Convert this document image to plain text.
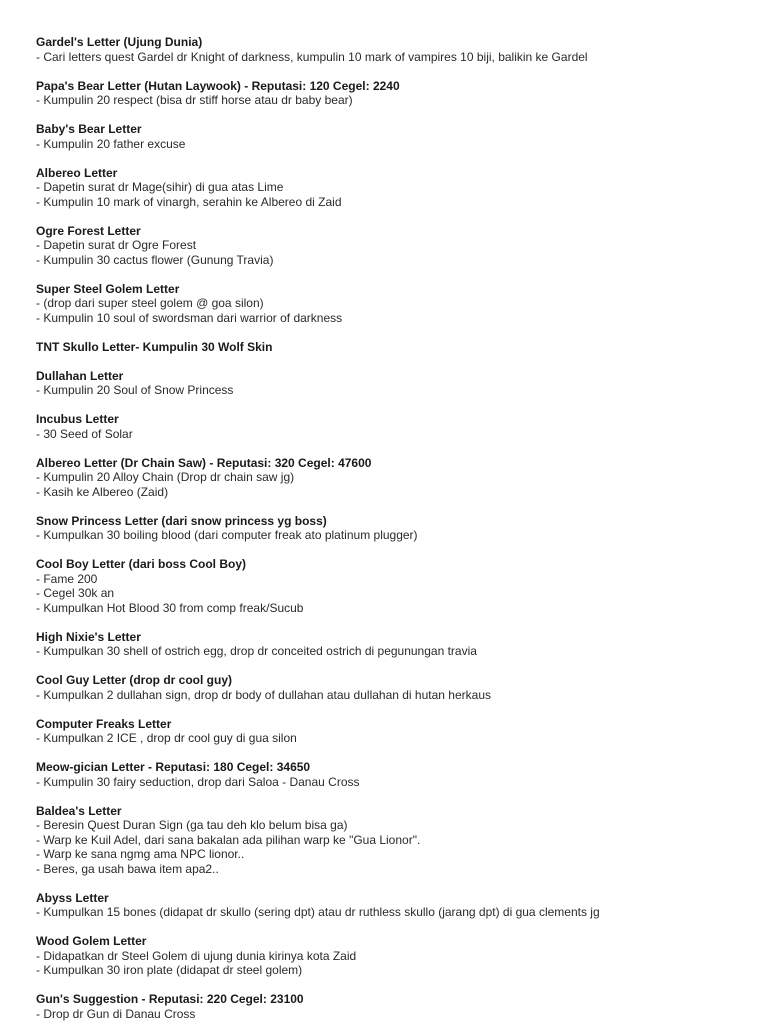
Gardel's Letter (Ujung Dunia)
- Cari letters quest Gardel dr Knight of darkness, kumpulin 10 mark of vampires 10 biji, balikin ke Gardel
Papa's Bear Letter (Hutan Laywook) - Reputasi: 120 Cegel: 2240
- Kumpulin 20 respect (bisa dr stiff horse atau dr baby bear)
Baby's Bear Letter
- Kumpulin 20 father excuse
Albereo Letter
- Dapetin surat dr Mage(sihir) di gua atas Lime
- Kumpulin 10 mark of vinargh, serahin ke Albereo di Zaid
Ogre Forest Letter
- Dapetin surat dr Ogre Forest
- Kumpulin 30 cactus flower (Gunung Travia)
Super Steel Golem Letter
- (drop dari super steel golem @ goa silon)
- Kumpulin 10 soul of swordsman dari warrior of darkness
TNT Skullo Letter- Kumpulin 30 Wolf Skin
Dullahan Letter
- Kumpulin 20 Soul of Snow Princess
Incubus Letter
- 30 Seed of Solar
Albereo Letter (Dr Chain Saw) - Reputasi: 320 Cegel: 47600
- Kumpulin 20 Alloy Chain (Drop dr chain saw jg)
- Kasih ke Albereo (Zaid)
Snow Princess Letter (dari snow princess yg boss)
- Kumpulkan 30 boiling blood (dari computer freak ato platinum plugger)
Cool Boy Letter (dari boss Cool Boy)
- Fame 200
- Cegel 30k an
- Kumpulkan Hot Blood 30 from comp freak/Sucub
High Nixie's Letter
- Kumpulkan 30 shell of ostrich egg, drop dr conceited ostrich di pegunungan travia
Cool Guy Letter (drop dr cool guy)
- Kumpulkan 2 dullahan sign, drop dr body of dullahan atau dullahan di hutan herkaus
Computer Freaks Letter
- Kumpulkan 2 ICE , drop dr cool guy di gua silon
Meow-gician Letter - Reputasi: 180 Cegel: 34650
- Kumpulin 30 fairy seduction, drop dari Saloa - Danau Cross
Baldea's Letter
- Beresin Quest Duran Sign (ga tau deh klo belum bisa ga)
- Warp ke Kuil Adel, dari sana bakalan ada pilihan warp ke "Gua Lionor".
- Warp ke sana ngmg ama NPC lionor..
- Beres, ga usah bawa item apa2..
Abyss Letter
- Kumpulkan 15 bones (didapat dr skullo (sering dpt) atau dr ruthless skullo (jarang dpt) di gua clements jg
Wood Golem Letter
- Didapatkan dr Steel Golem di ujung dunia kirinya kota Zaid
- Kumpulkan 30 iron plate (didapat dr steel golem)
Gun's Suggestion - Reputasi: 220 Cegel: 23100
- Drop dr Gun di Danau Cross
